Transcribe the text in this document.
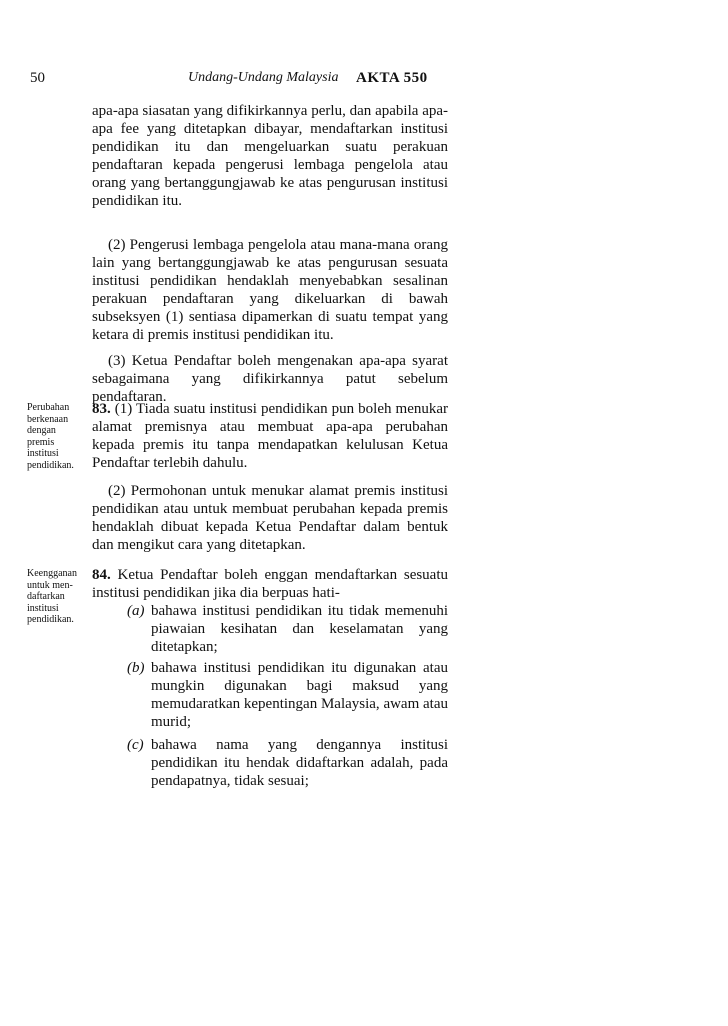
50	Undang-Undang Malaysia AKTA 550

apa-apa siasatan yang difikirkannya perlu, dan apabila apa-apa fee yang ditetapkan dibayar, mendaftarkan institusi pendidikan itu dan mengeluarkan suatu perakuan pendaftaran kepada pengerusi lembaga pengelola atau orang yang bertanggungjawab ke atas pengurusan institusi pendidikan itu.

(2) Pengerusi lembaga pengelola atau mana-mana orang lain yang bertanggungjawab ke atas pengurusan sesuata institusi pendidikan hendaklah menyebabkan sesalinan perakuan pendaftaran yang dikeluarkan di bawah subseksyen (1) sentiasa dipamerkan di suatu tempat yang ketara di premis institusi pendidikan itu.

(3) Ketua Pendaftar boleh mengenakan apa-apa syarat sebagaimana yang difikirkannya patut sebelum pendaftaran.

Perubahan berkenaan dengan premis institusi pendidikan.

83. (1) Tiada suatu institusi pendidikan pun boleh menukar alamat premisnya atau membuat apa-apa perubahan kepada premis itu tanpa mendapatkan kelulusan Ketua Pendaftar terlebih dahulu.

(2) Permohonan untuk menukar alamat premis institusi pendidikan atau untuk membuat perubahan kepada premis hendaklah dibuat kepada Ketua Pendaftar dalam bentuk dan mengikut cara yang ditetapkan.

Keengganan untuk men-daftarkan institusi pendidikan.

84. Ketua Pendaftar boleh enggan mendaftarkan sesuatu institusi pendidikan jika dia berpuas hati-

(a) bahawa institusi pendidikan itu tidak memenuhi piawaian kesihatan dan keselamatan yang ditetapkan;
(b) bahawa institusi pendidikan itu digunakan atau mungkin digunakan bagi maksud yang memudaratkan kepentingan Malaysia, awam atau murid;
(c) bahawa nama yang dengannya institusi pendidikan itu hendak didaftarkan adalah, pada pendapatnya, tidak sesuai;
